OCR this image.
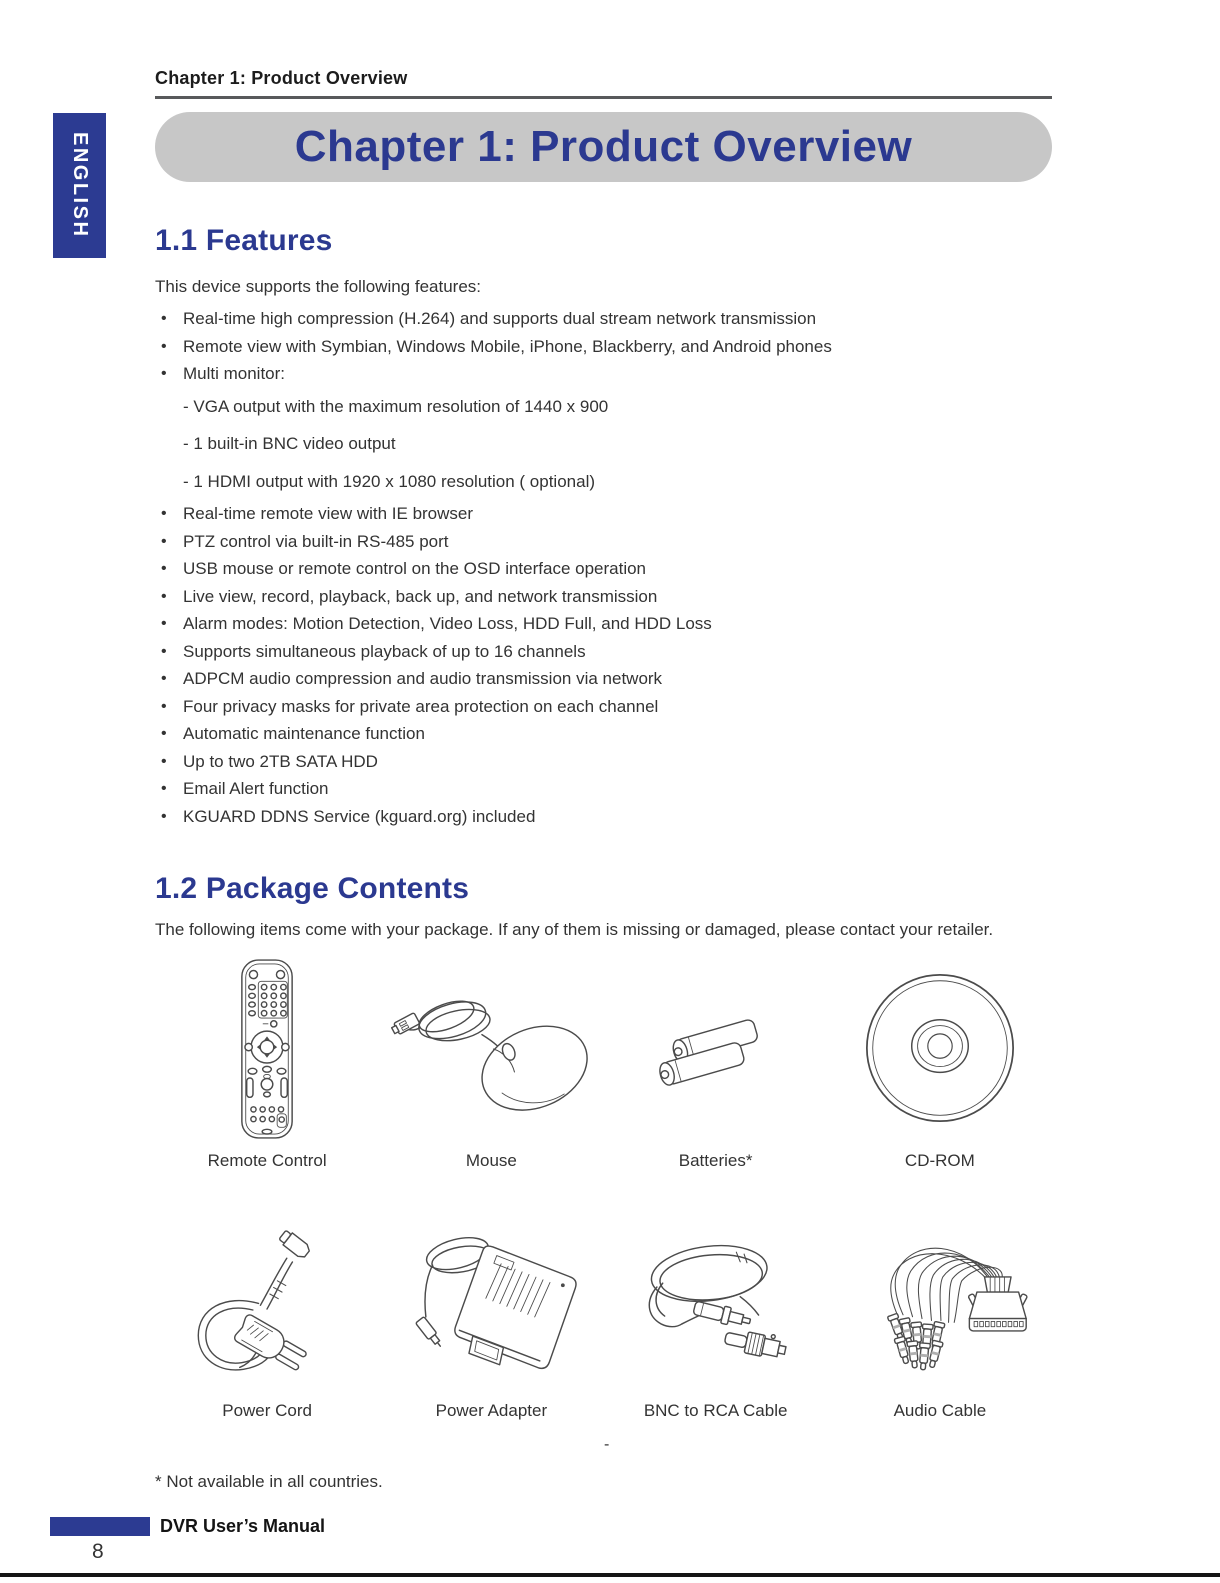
Chapter 1: Product Overview
ENGLISH	Chapter 1: Product Overview
1.1 Features

This device supports the following features:

• Real-time high compression (H.264) and supports dual stream network transmission
• Remote view with Symbian, Windows Mobile, iPhone, Blackberry, and Android phones
• Multi monitor:
- VGA output with the maximum resolution of 1440 x 900
- 1 built-in BNC video output
- 1 HDMI output with 1920 x 1080 resolution ( optional)
• Real-time remote view with IE browser
• PTZ control via built-in RS-485 port
• USB mouse or remote control on the OSD interface operation
• Live view, record, playback, back up, and network transmission
• Alarm modes: Motion Detection, Video Loss, HDD Full, and HDD Loss
• Supports simultaneous playback of up to 16 channels
• ADPCM audio compression and audio transmission via network
• Four privacy masks for private area protection on each channel
• Automatic maintenance function
• Up to two 2TB SATA HDD
• Email Alert function
• KGUARD DDNS Service (kguard.org) included
1.2 Package Contents

The following items come with your package. If any of them is missing or damaged, please contact your retailer.

Remote Control	Mouse	Batteries*	CD-ROM
Power Cord	Power Adapter	BNC to RCA Cable	Audio Cable
-

* Not available in all countries.

DVR User’s Manual
8
